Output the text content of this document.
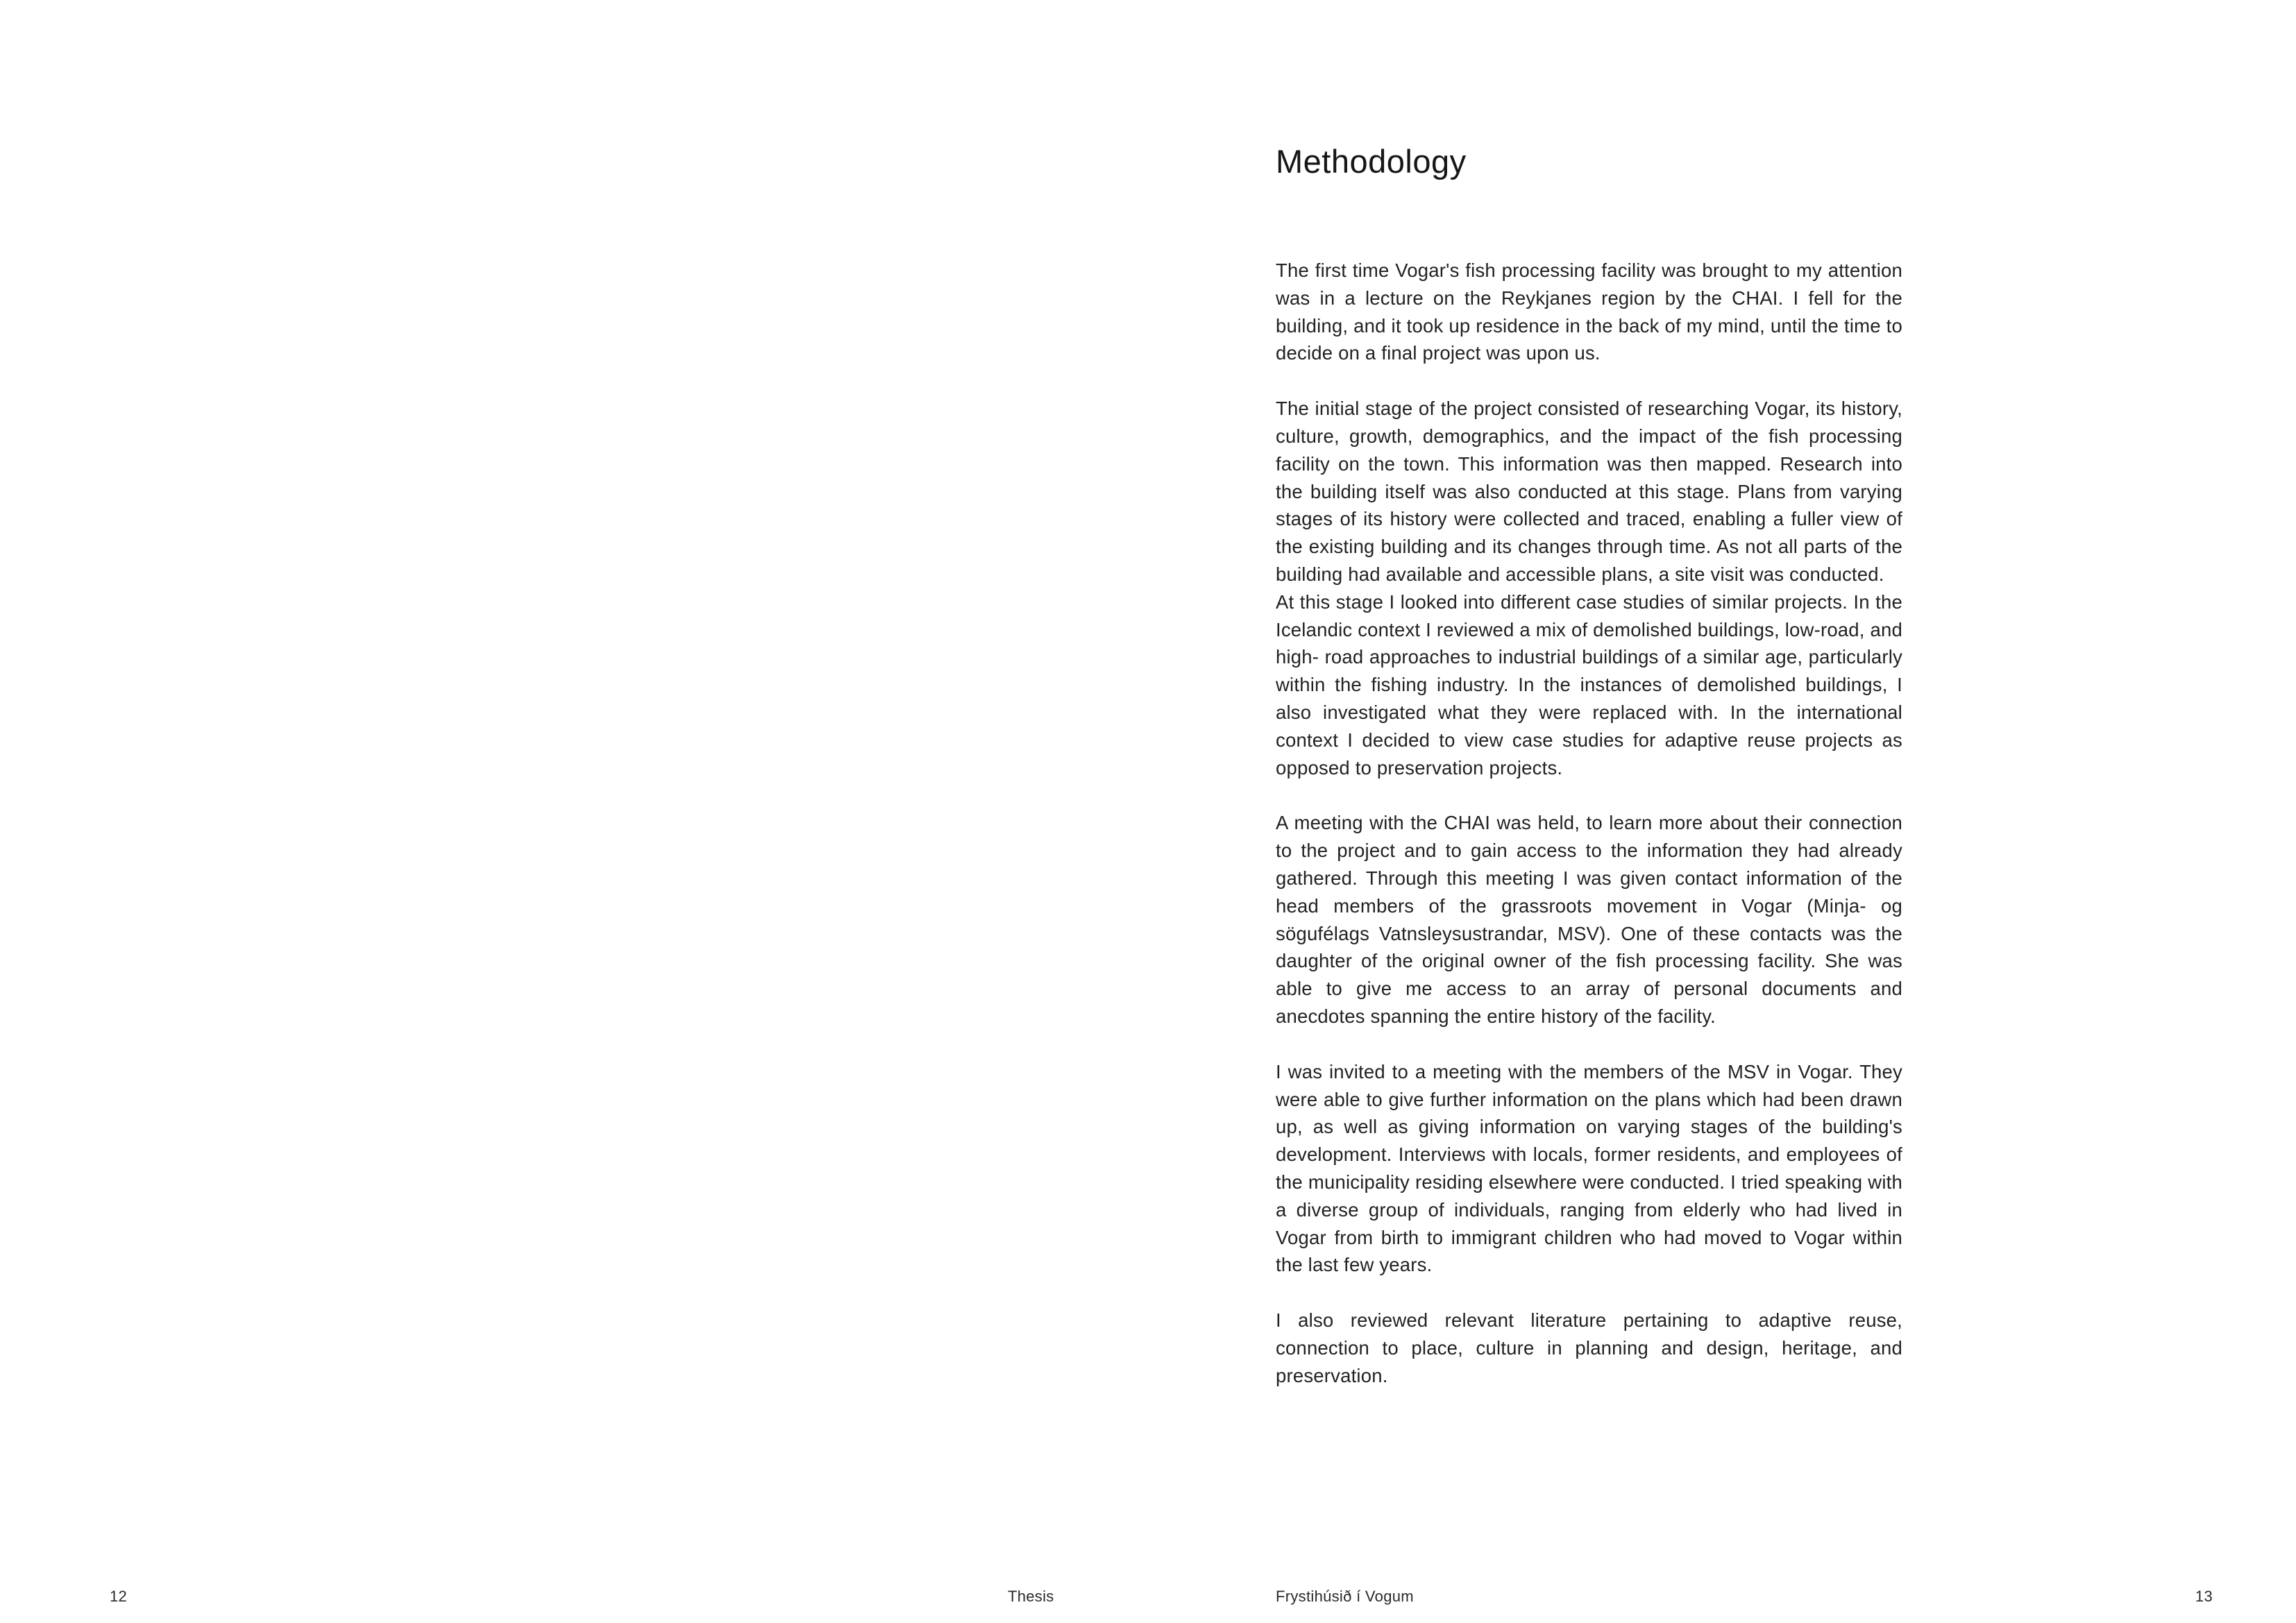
Methodology

The first time Vogar's fish processing facility was brought to my attention was in a lecture on the Reykjanes region by the CHAI. I fell for the building, and it took up residence in the back of my mind, until the time to decide on a final project was upon us.

The initial stage of the project consisted of researching Vogar, its history, culture, growth, demographics, and the impact of the fish processing facility on the town. This information was then mapped. Research into the building itself was also conducted at this stage. Plans from varying stages of its history were collected and traced, enabling a fuller view of the existing building and its changes through time. As not all parts of the building had available and accessible plans, a site visit was conducted.

At this stage I looked into different case studies of similar projects. In the Icelandic context I reviewed a mix of demolished buildings, low-road, and high- road approaches to industrial buildings of a similar age, particularly within the fishing industry. In the instances of demolished buildings, I also investigated what they were replaced with. In the international context I decided to view case studies for adaptive reuse projects as opposed to preservation projects.

A meeting with the CHAI was held, to learn more about their connection to the project and to gain access to the information they had already gathered. Through this meeting I was given contact information of the head members of the grassroots movement in Vogar (Minja- og sögufélags Vatnsleysustrandar, MSV). One of these contacts was the daughter of the original owner of the fish processing facility. She was able to give me access to an array of personal documents and anecdotes spanning the entire history of the facility.

I was invited to a meeting with the members of the MSV in Vogar. They were able to give further information on the plans which had been drawn up, as well as giving information on varying stages of the building's development. Interviews with locals, former residents, and employees of the municipality residing elsewhere were conducted. I tried speaking with a diverse group of individuals, ranging from elderly who had lived in Vogar from birth to immigrant children who had moved to Vogar within the last few years.

I also reviewed relevant literature pertaining to adaptive reuse, connection to place, culture in planning and design, heritage, and preservation.

12	Thesis	Frystihúsið í Vogum	13
